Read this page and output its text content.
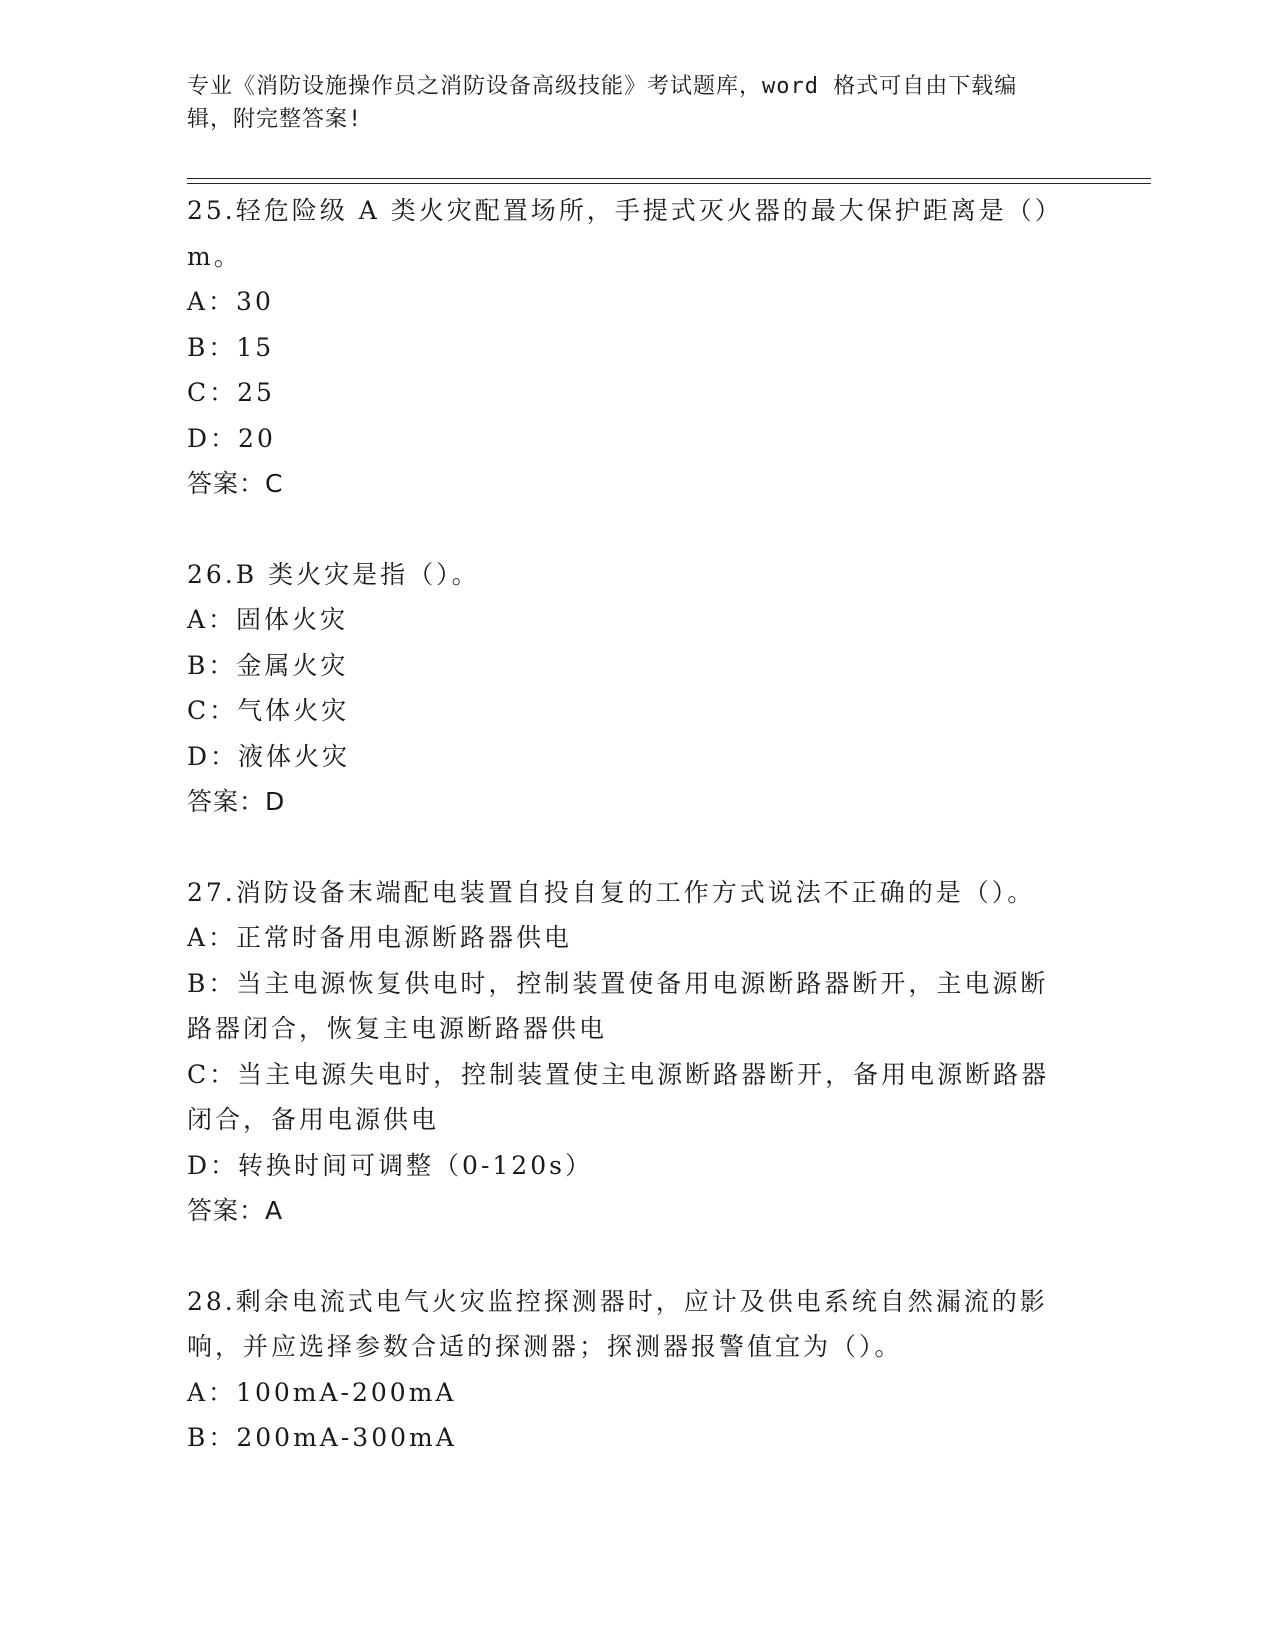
专业《消防设施操作员之消防设备高级技能》考试题库，word 格式可自由下载编
辑，附完整答案!
25.轻危险级 A 类火灾配置场所，手提式灭火器的最大保护距离是（）
m。
A：30
B：15
C：25
D：20
答案：C
26.B 类火灾是指（）。
A：固体火灾
B：金属火灾
C：气体火灾
D：液体火灾
答案：D
27.消防设备末端配电装置自投自复的工作方式说法不正确的是（）。
A：正常时备用电源断路器供电
B：当主电源恢复供电时，控制装置使备用电源断路器断开，主电源断
路器闭合，恢复主电源断路器供电
C：当主电源失电时，控制装置使主电源断路器断开，备用电源断路器
闭合，备用电源供电
D：转换时间可调整（0-120s）
答案：A
28.剩余电流式电气火灾监控探测器时，应计及供电系统自然漏流的影
响，并应选择参数合适的探测器；探测器报警值宜为（）。
A：100mA-200mA
B：200mA-300mA
